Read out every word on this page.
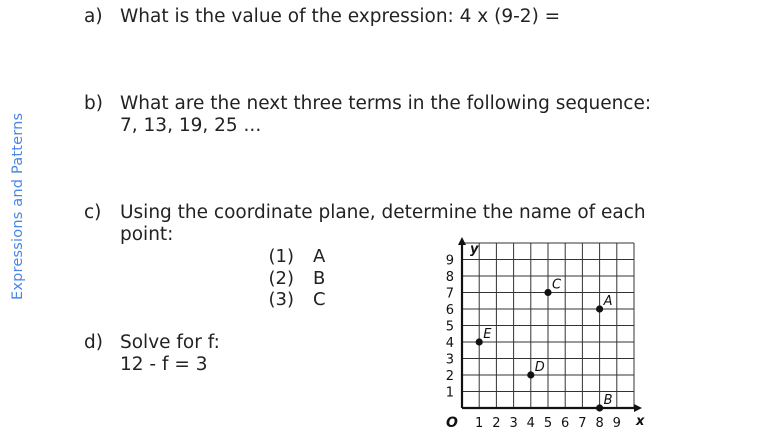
Expressions and Patterns
a) What is the value of the expression: 4 x (9-2) =
b) What are the next three terms in the following sequence:
7, 13, 19, 25 ...
c) Using the coordinate plane, determine the name of each
point:
(1) A
(2) B
(3) C
d) Solve for f:
12 - f = 3
1 2 3 4 5 6 7 8 9
1
2
3
4
5
6
7
8
9
O	x
y
A
B
C
D
E
